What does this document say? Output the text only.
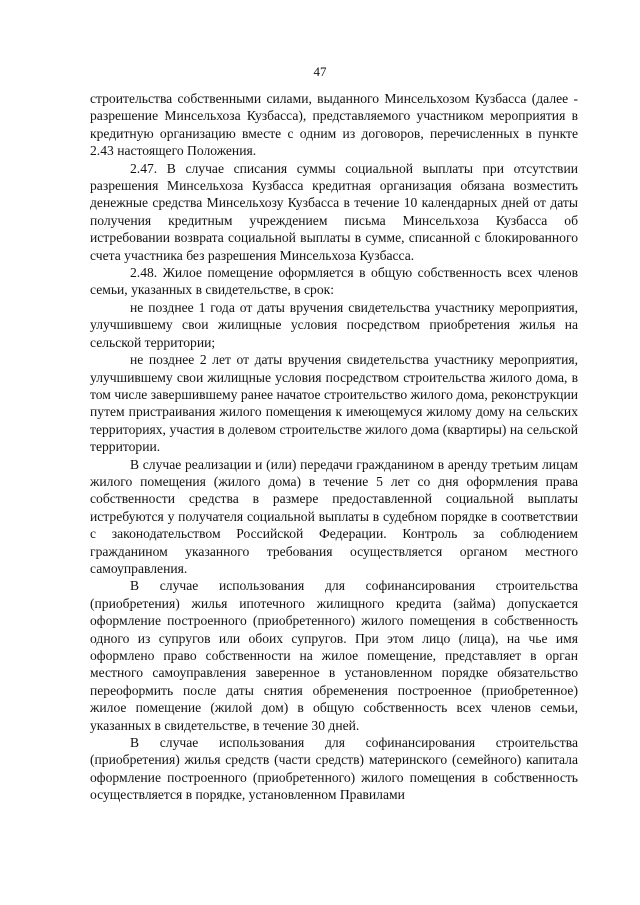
47

строительства собственными силами, выданного Минсельхозом Кузбасса (далее - разрешение Минсельхоза Кузбасса), представляемого участником мероприятия в кредитную организацию вместе с одним из договоров, перечисленных в пункте 2.43 настоящего Положения.

2.47. В случае списания суммы социальной выплаты при отсутствии разрешения Минсельхоза Кузбасса кредитная организация обязана возместить денежные средства Минсельхозу Кузбасса в течение 10 календарных дней от даты получения кредитным учреждением письма Минсельхоза Кузбасса об истребовании возврата социальной выплаты в сумме, списанной с блокированного счета участника без разрешения Минсельхоза Кузбасса.

2.48. Жилое помещение оформляется в общую собственность всех членов семьи, указанных в свидетельстве, в срок:

не позднее 1 года от даты вручения свидетельства участнику мероприятия, улучшившему свои жилищные условия посредством приобретения жилья на сельской территории;

не позднее 2 лет от даты вручения свидетельства участнику мероприятия, улучшившему свои жилищные условия посредством строительства жилого дома, в том числе завершившему ранее начатое строительство жилого дома, реконструкции путем пристраивания жилого помещения к имеющемуся жилому дому на сельских территориях, участия в долевом строительстве жилого дома (квартиры) на сельской территории.

В случае реализации и (или) передачи гражданином в аренду третьим лицам жилого помещения (жилого дома) в течение 5 лет со дня оформления права собственности средства в размере предоставленной социальной выплаты истребуются у получателя социальной выплаты в судебном порядке в соответствии с законодательством Российской Федерации. Контроль за соблюдением гражданином указанного требования осуществляется органом местного самоуправления.

В случае использования для софинансирования строительства (приобретения) жилья ипотечного жилищного кредита (займа) допускается оформление построенного (приобретенного) жилого помещения в собственность одного из супругов или обоих супругов. При этом лицо (лица), на чье имя оформлено право собственности на жилое помещение, представляет в орган местного самоуправления заверенное в установленном порядке обязательство переоформить после даты снятия обременения построенное (приобретенное) жилое помещение (жилой дом) в общую собственность всех членов семьи, указанных в свидетельстве, в течение 30 дней.

В случае использования для софинансирования строительства (приобретения) жилья средств (части средств) материнского (семейного) капитала оформление построенного (приобретенного) жилого помещения в собственность осуществляется в порядке, установленном Правилами
